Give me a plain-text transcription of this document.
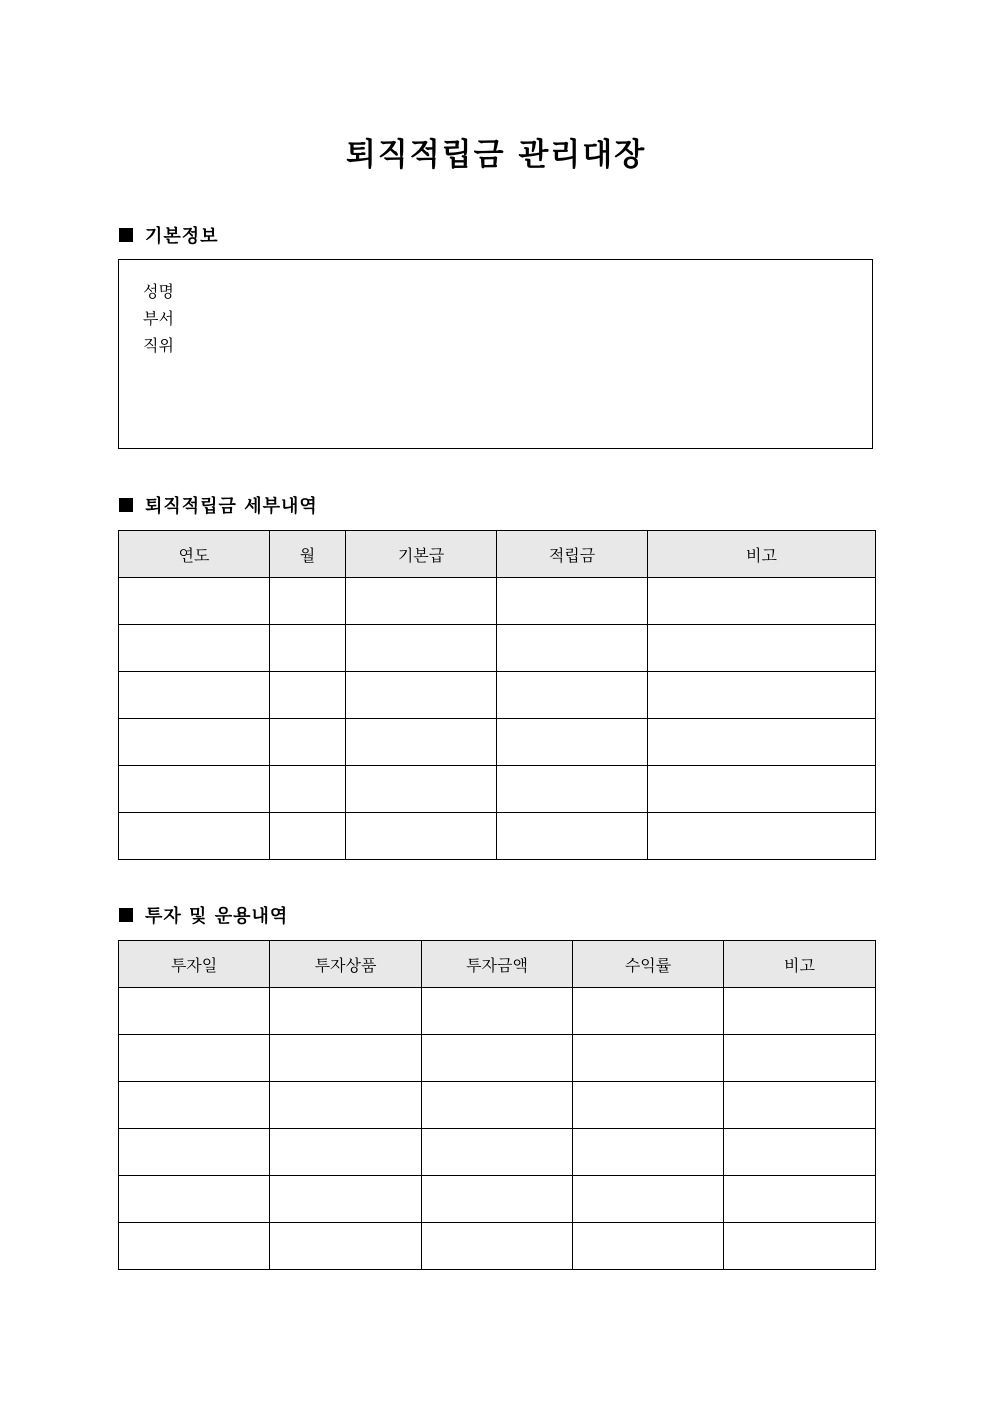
퇴직적립금 관리대장
기본정보
성명
부서
직위
퇴직적립금 세부내역
연도	월	기본급	적립금	비고

투자 및 운용내역
투자일	투자상품	투자금액	수익률	비고
